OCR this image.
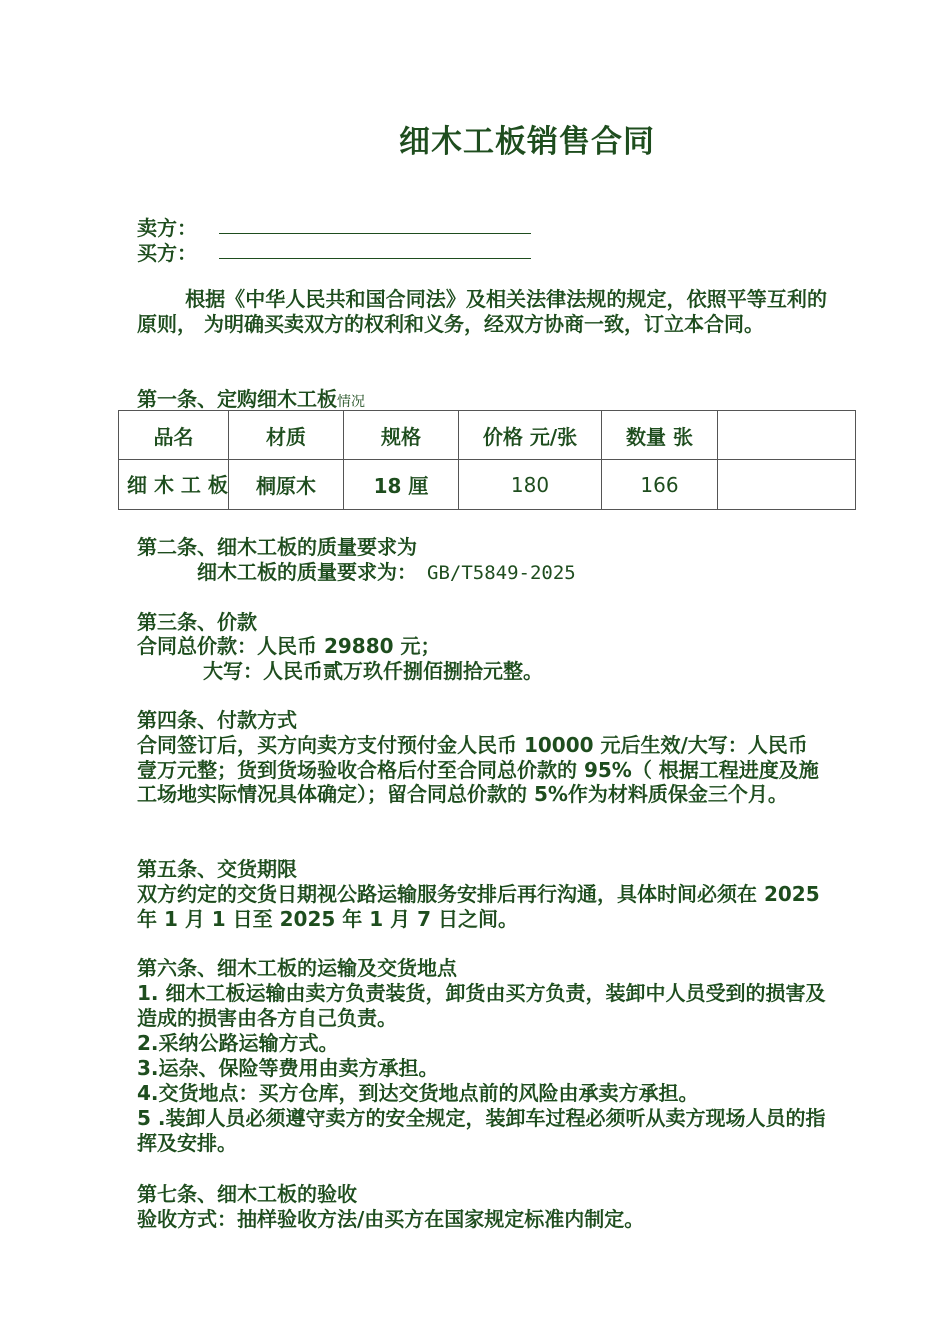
细木工板销售合同
卖方：
买方：
根据《中华人民共和国合同法》及相关法律法规的规定，依照平等互利的原则， 为明确买卖双方的权利和义务，经双方协商一致，订立本合同。
第一条、定购细木工板情况
品名	材质	规格	价格 元/张	数量 张	
细 木 工 板	桐原木	18 厘	180	166	
第二条、细木工板的质量要求为
细木工板的质量要求为： GB/T5849-2025
第三条、价款
合同总价款：人民币 29880 元；
大写：人民币贰万玖仟捌佰捌拾元整。
第四条、付款方式
合同签订后，买方向卖方支付预付金人民币 10000 元后生效/大写：人民币壹万元整；货到货场验收合格后付至合同总价款的 95%（ 根据工程进度及施工场地实际情况具体确定）；留合同总价款的 5%作为材料质保金三个月。
第五条、交货期限
双方约定的交货日期视公路运输服务安排后再行沟通，具体时间必须在 2025 年 1 月 1 日至 2025 年 1 月 7 日之间。
第六条、细木工板的运输及交货地点
1. 细木工板运输由卖方负责装货，卸货由买方负责，装卸中人员受到的损害及造成的损害由各方自己负责。
2.采纳公路运输方式。
3.运杂、保险等费用由卖方承担。
4.交货地点：买方仓库，到达交货地点前的风险由承卖方承担。
5 .装卸人员必须遵守卖方的安全规定，装卸车过程必须听从卖方现场人员的指挥及安排。
第七条、细木工板的验收
验收方式：抽样验收方法/由买方在国家规定标准内制定。
